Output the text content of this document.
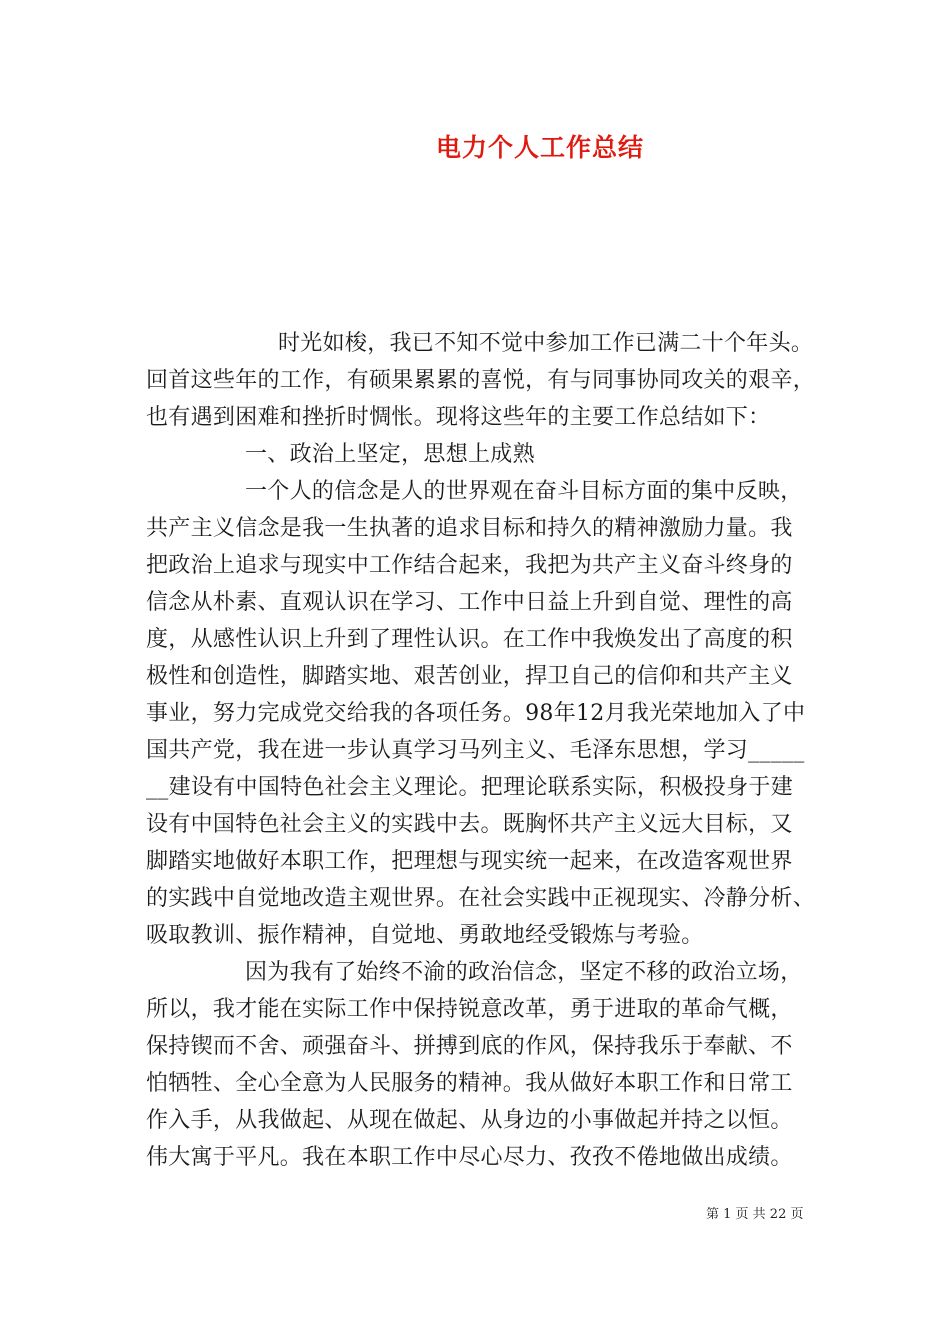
电力个人工作总结
时光如梭，我已不知不觉中参加工作已满二十个年头。
回首这些年的工作，有硕果累累的喜悦，有与同事协同攻关的艰辛，
也有遇到困难和挫折时惆怅。现将这些年的主要工作总结如下：
一、政治上坚定，思想上成熟
一个人的信念是人的世界观在奋斗目标方面的集中反映，
共产主义信念是我一生执著的追求目标和持久的精神激励力量。我
把政治上追求与现实中工作结合起来，我把为共产主义奋斗终身的
信念从朴素、直观认识在学习、工作中日益上升到自觉、理性的高
度，从感性认识上升到了理性认识。在工作中我焕发出了高度的积
极性和创造性，脚踏实地、艰苦创业，捍卫自己的信仰和共产主义
事业，努力完成党交给我的各项任务。98年12月我光荣地加入了中
国共产党，我在进一步认真学习马列主义、毛泽东思想，学习_____
__建设有中国特色社会主义理论。把理论联系实际，积极投身于建
设有中国特色社会主义的实践中去。既胸怀共产主义远大目标，又
脚踏实地做好本职工作，把理想与现实统一起来，在改造客观世界
的实践中自觉地改造主观世界。在社会实践中正视现实、冷静分析、
吸取教训、振作精神，自觉地、勇敢地经受锻炼与考验。
因为我有了始终不渝的政治信念，坚定不移的政治立场，
所以，我才能在实际工作中保持锐意改革，勇于进取的革命气概，
保持锲而不舍、顽强奋斗、拼搏到底的作风，保持我乐于奉献、不
怕牺牲、全心全意为人民服务的精神。我从做好本职工作和日常工
作入手，从我做起、从现在做起、从身边的小事做起并持之以恒。
伟大寓于平凡。我在本职工作中尽心尽力、孜孜不倦地做出成绩。
第 1 页 共 22 页
